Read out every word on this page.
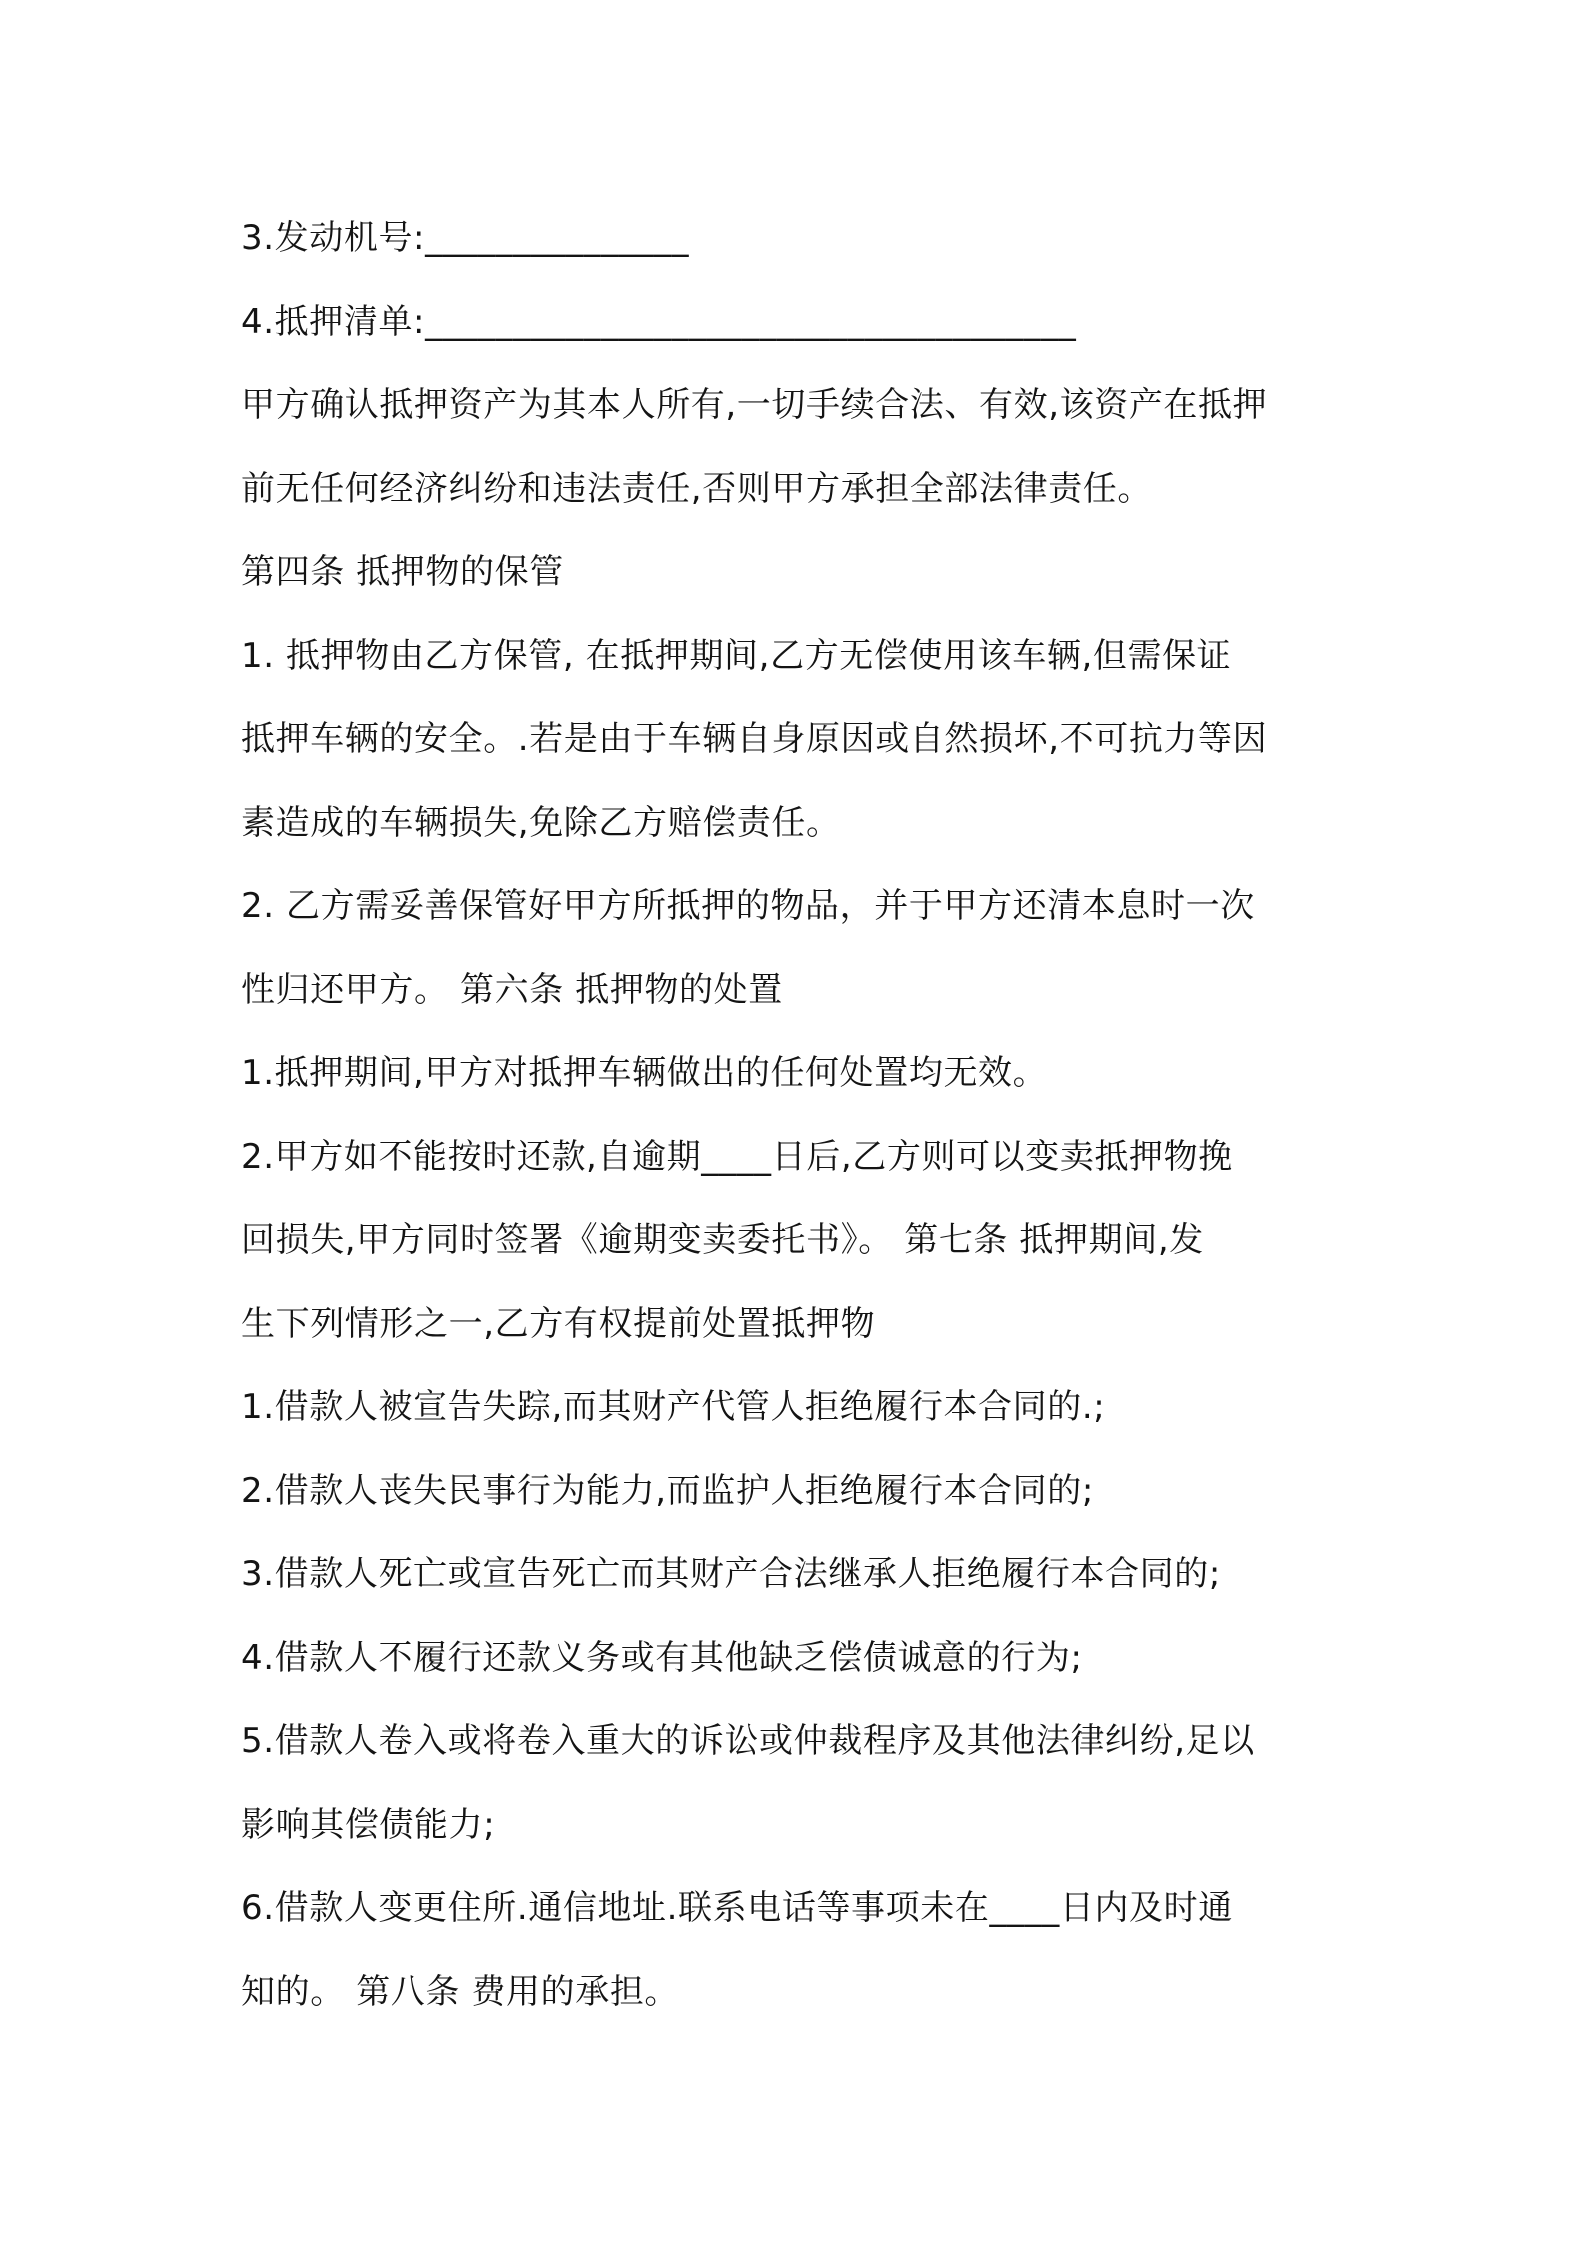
3.发动机号:_______________
4.抵押清单:_____________________________________
甲方确认抵押资产为其本人所有,一切手续合法、有效,该资产在抵押
前无任何经济纠纷和违法责任,否则甲方承担全部法律责任。
第四条 抵押物的保管
1. 抵押物由乙方保管, 在抵押期间,乙方无偿使用该车辆,但需保证
抵押车辆的安全。.若是由于车辆自身原因或自然损坏,不可抗力等因
素造成的车辆损失,免除乙方赔偿责任。
2. 乙方需妥善保管好甲方所抵押的物品，并于甲方还清本息时一次
性归还甲方。 第六条 抵押物的处置
1.抵押期间,甲方对抵押车辆做出的任何处置均无效。
2.甲方如不能按时还款,自逾期____日后,乙方则可以变卖抵押物挽
回损失,甲方同时签署《逾期变卖委托书》。 第七条 抵押期间,发
生下列情形之一,乙方有权提前处置抵押物
1.借款人被宣告失踪,而其财产代管人拒绝履行本合同的.;
2.借款人丧失民事行为能力,而监护人拒绝履行本合同的;
3.借款人死亡或宣告死亡而其财产合法继承人拒绝履行本合同的;
4.借款人不履行还款义务或有其他缺乏偿债诚意的行为;
5.借款人卷入或将卷入重大的诉讼或仲裁程序及其他法律纠纷,足以
影响其偿债能力;
6.借款人变更住所.通信地址.联系电话等事项未在____日内及时通
知的。 第八条 费用的承担。
